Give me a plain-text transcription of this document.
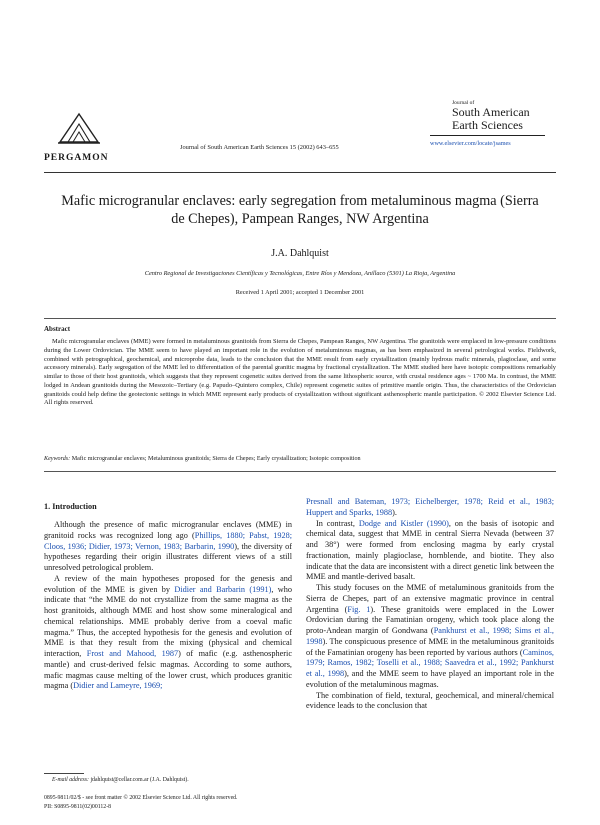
PERGAMON
Journal of South American Earth Sciences 15 (2002) 643–655
Journal of
South American
Earth Sciences
www.elsevier.com/locate/jsames
Mafic microgranular enclaves: early segregation from metaluminous magma (Sierra de Chepes), Pampean Ranges, NW Argentina
J.A. Dahlquist
Centro Regional de Investigaciones Científicas y Tecnológicas, Entre Ríos y Mendoza, Anillaco (5301) La Rioja, Argentina
Received 1 April 2001; accepted 1 December 2001
Abstract
Mafic microgranular enclaves (MME) were formed in metaluminous granitoids from Sierra de Chepes, Pampean Ranges, NW Argentina. The granitoids were emplaced in low-pressure conditions during the Lower Ordovician. The MME seem to have played an important role in the evolution of metaluminous magmas, as has been emphasized in several petrological works. Fieldwork, combined with petrographical, geochemical, and microprobe data, leads to the conclusion that the MME result from early crystallization (mainly hydrous mafic minerals, plagioclase, and some accessory minerals). Early segregation of the MME led to differentiation of the parental granitic magma by fractional crystallization. The MME studied here have isotopic compositions remarkably similar to those of their host granitoids, which suggests that they represent cogenetic suites derived from the same lithospheric source, with crustal residence ages ~ 1700 Ma. In contrast, the MME lodged in Andean granitoids during the Mesozoic–Tertiary (e.g. Papudo–Quintero complex, Chile) represent cogenetic suites of primitive mantle origin. Thus, the characteristics of the Ordovician granitoids could help define the geotectonic settings in which MME represent early products of crystallization without significant asthenospheric mantle participation. © 2002 Elsevier Science Ltd. All rights reserved.
Keywords: Mafic microgranular enclaves; Metaluminous granitoids; Sierra de Chepes; Early crystallization; Isotopic composition
1. Introduction

Although the presence of mafic microgranular enclaves (MME) in granitoid rocks was recognized long ago (Phillips, 1880; Pabst, 1928; Cloos, 1936; Didier, 1973; Vernon, 1983; Barbarin, 1990), the diversity of hypotheses regarding their origin illustrates different views of a still unresolved petrological problem.

A review of the main hypotheses proposed for the genesis and evolution of the MME is given by Didier and Barbarin (1991), who indicate that “the MME do not crystallize from the same magma as the host granitoids, although MME and host show some mineralogical and chemical relationships. MME probably derive from a coeval mafic magma.” Thus, the accepted hypothesis for the genesis and evolution of MME is that they result from the mixing (physical and chemical interaction, Frost and Mahood, 1987) of mafic (e.g. asthenospheric mantle) and crust-derived felsic magmas. According to some authors, mafic magmas cause melting of the lower crust, which produces granitic magma (Didier and Lameyre, 1969;

Presnall and Bateman, 1973; Eichelberger, 1978; Reid et al., 1983; Huppert and Sparks, 1988).

In contrast, Dodge and Kistler (1990), on the basis of isotopic and chemical data, suggest that MME in central Sierra Nevada (between 37 and 38°) were formed from enclosing magma by early crystal fractionation, mainly plagioclase, hornblende, and biotite. They also indicate that the data are inconsistent with a direct genetic link between the MME and mantle-derived basalt.

This study focuses on the MME of metaluminous granitoids from the Sierra de Chepes, part of an extensive magmatic province in central Argentina (Fig. 1). These granitoids were emplaced in the Lower Ordovician during the Famatinian orogeny, which took place along the proto-Andean margin of Gondwana (Pankhurst et al., 1998; Sims et al., 1998). The conspicuous presence of MME in the metaluminous granitoids of the Famatinian orogeny has been reported by various authors (Caminos, 1979; Ramos, 1982; Toselli et al., 1988; Saavedra et al., 1992; Pankhurst et al., 1998), and the MME seem to have played an important role in the evolution of the metaluminous magmas.

The combination of field, textural, geochemical, and mineral/chemical evidence leads to the conclusion that

E-mail address: jdahlquist@cellar.com.ar (J.A. Dahlquist).
0895-9811/02/$ - see front matter © 2002 Elsevier Science Ltd. All rights reserved.
PII: S0895-9811(02)00112-8
